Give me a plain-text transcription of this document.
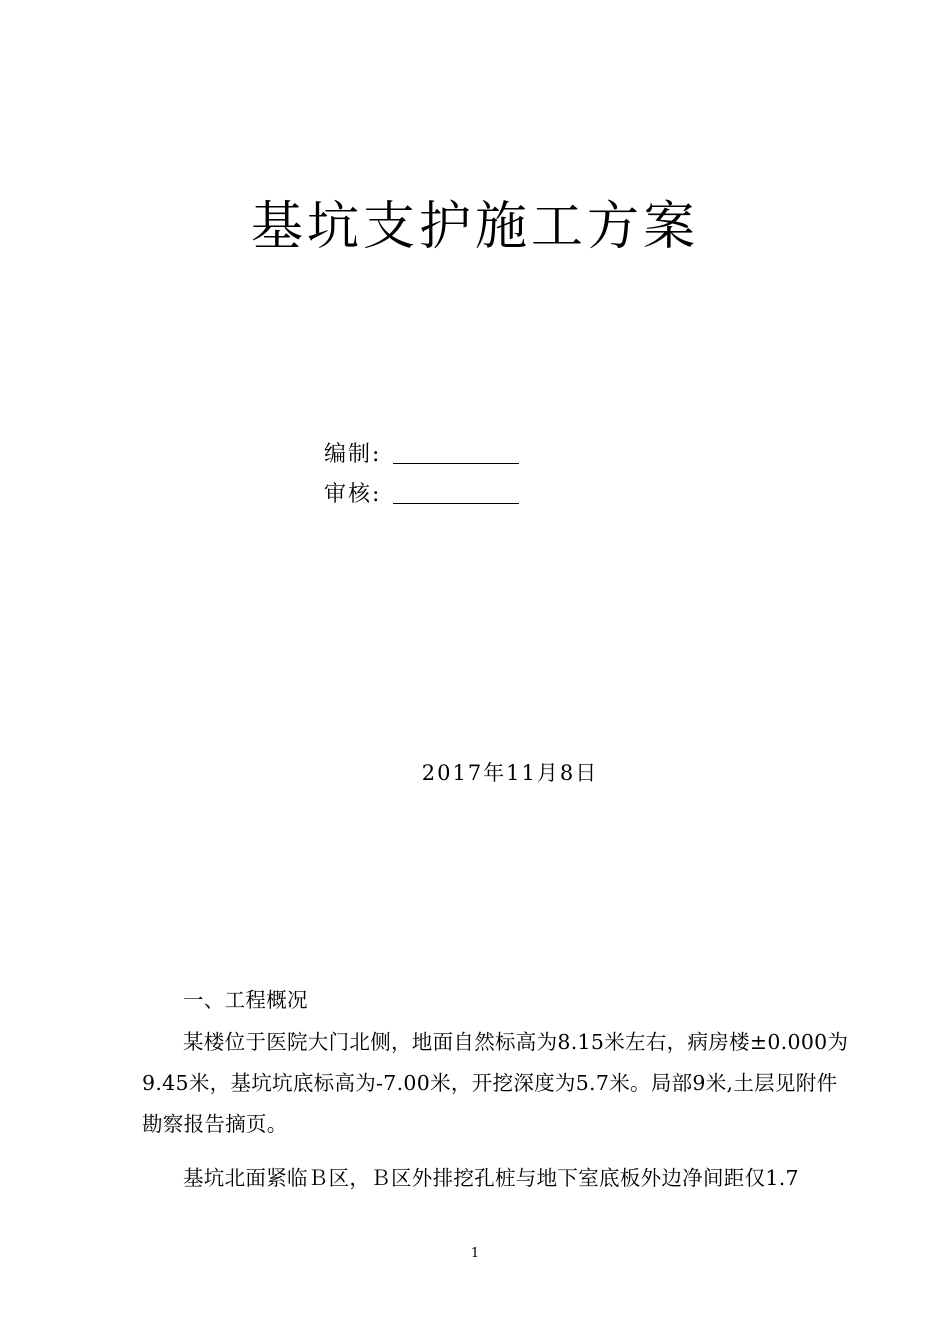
基坑支护施工方案
编制:
审核:
2017年11月8日

一、工程概况

某楼位于医院大门北侧，地面自然标高为8.15米左右，病房楼±0.000为9.45米，基坑坑底标高为-7.00米，开挖深度为5.7米。局部9米,土层见附件勘察报告摘页。

基坑北面紧临Ｂ区，Ｂ区外排挖孔桩与地下室底板外边净间距仅1.7

1
